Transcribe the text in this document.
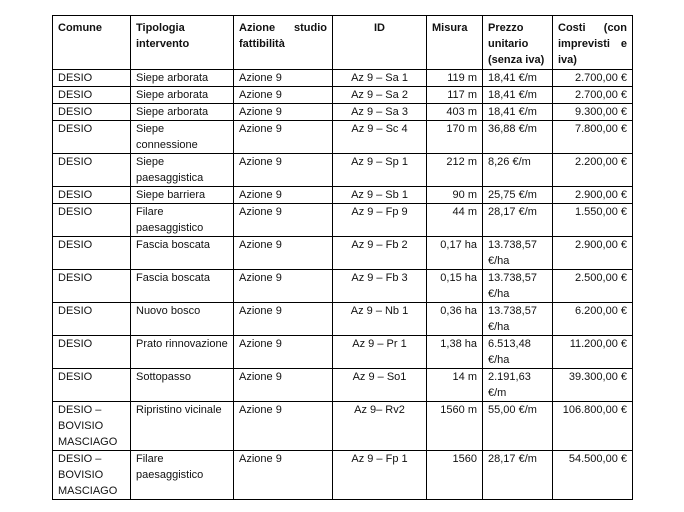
Comune	Tipologia intervento	Azione studio fattibilità	ID	Misura	Prezzo unitario (senza iva)	Costi (con imprevisti e iva)
DESIO	Siepe arborata	Azione 9	Az 9 – Sa 1	119 m	18,41 €/m	2.700,00 €
DESIO	Siepe arborata	Azione 9	Az 9 – Sa 2	117 m	18,41 €/m	2.700,00 €
DESIO	Siepe arborata	Azione 9	Az 9 – Sa 3	403 m	18,41 €/m	9.300,00 €
DESIO	Siepe connessione	Azione 9	Az 9 – Sc 4	170 m	36,88 €/m	7.800,00 €
DESIO	Siepe paesaggistica	Azione 9	Az 9 – Sp 1	212 m	8,26 €/m	2.200,00 €
DESIO	Siepe barriera	Azione 9	Az 9 – Sb 1	90 m	25,75 €/m	2.900,00 €
DESIO	Filare paesaggistico	Azione 9	Az 9 – Fp 9	44 m	28,17 €/m	1.550,00 €
DESIO	Fascia boscata	Azione 9	Az 9 – Fb 2	0,17 ha	13.738,57 €/ha	2.900,00 €
DESIO	Fascia boscata	Azione 9	Az 9 – Fb 3	0,15 ha	13.738,57 €/ha	2.500,00 €
DESIO	Nuovo bosco	Azione 9	Az 9 – Nb 1	0,36 ha	13.738,57 €/ha	6.200,00 €
DESIO	Prato rinnovazione	Azione 9	Az 9 – Pr 1	1,38 ha	6.513,48 €/ha	11.200,00 €
DESIO	Sottopasso	Azione 9	Az 9 – So1	14 m	2.191,63 €/m	39.300,00 €
DESIO – BOVISIO MASCIAGO	Ripristino vicinale	Azione 9	Az 9– Rv2	1560 m	55,00 €/m	106.800,00 €
DESIO – BOVISIO MASCIAGO	Filare paesaggistico	Azione 9	Az 9 – Fp 1	1560	28,17 €/m	54.500,00 €
